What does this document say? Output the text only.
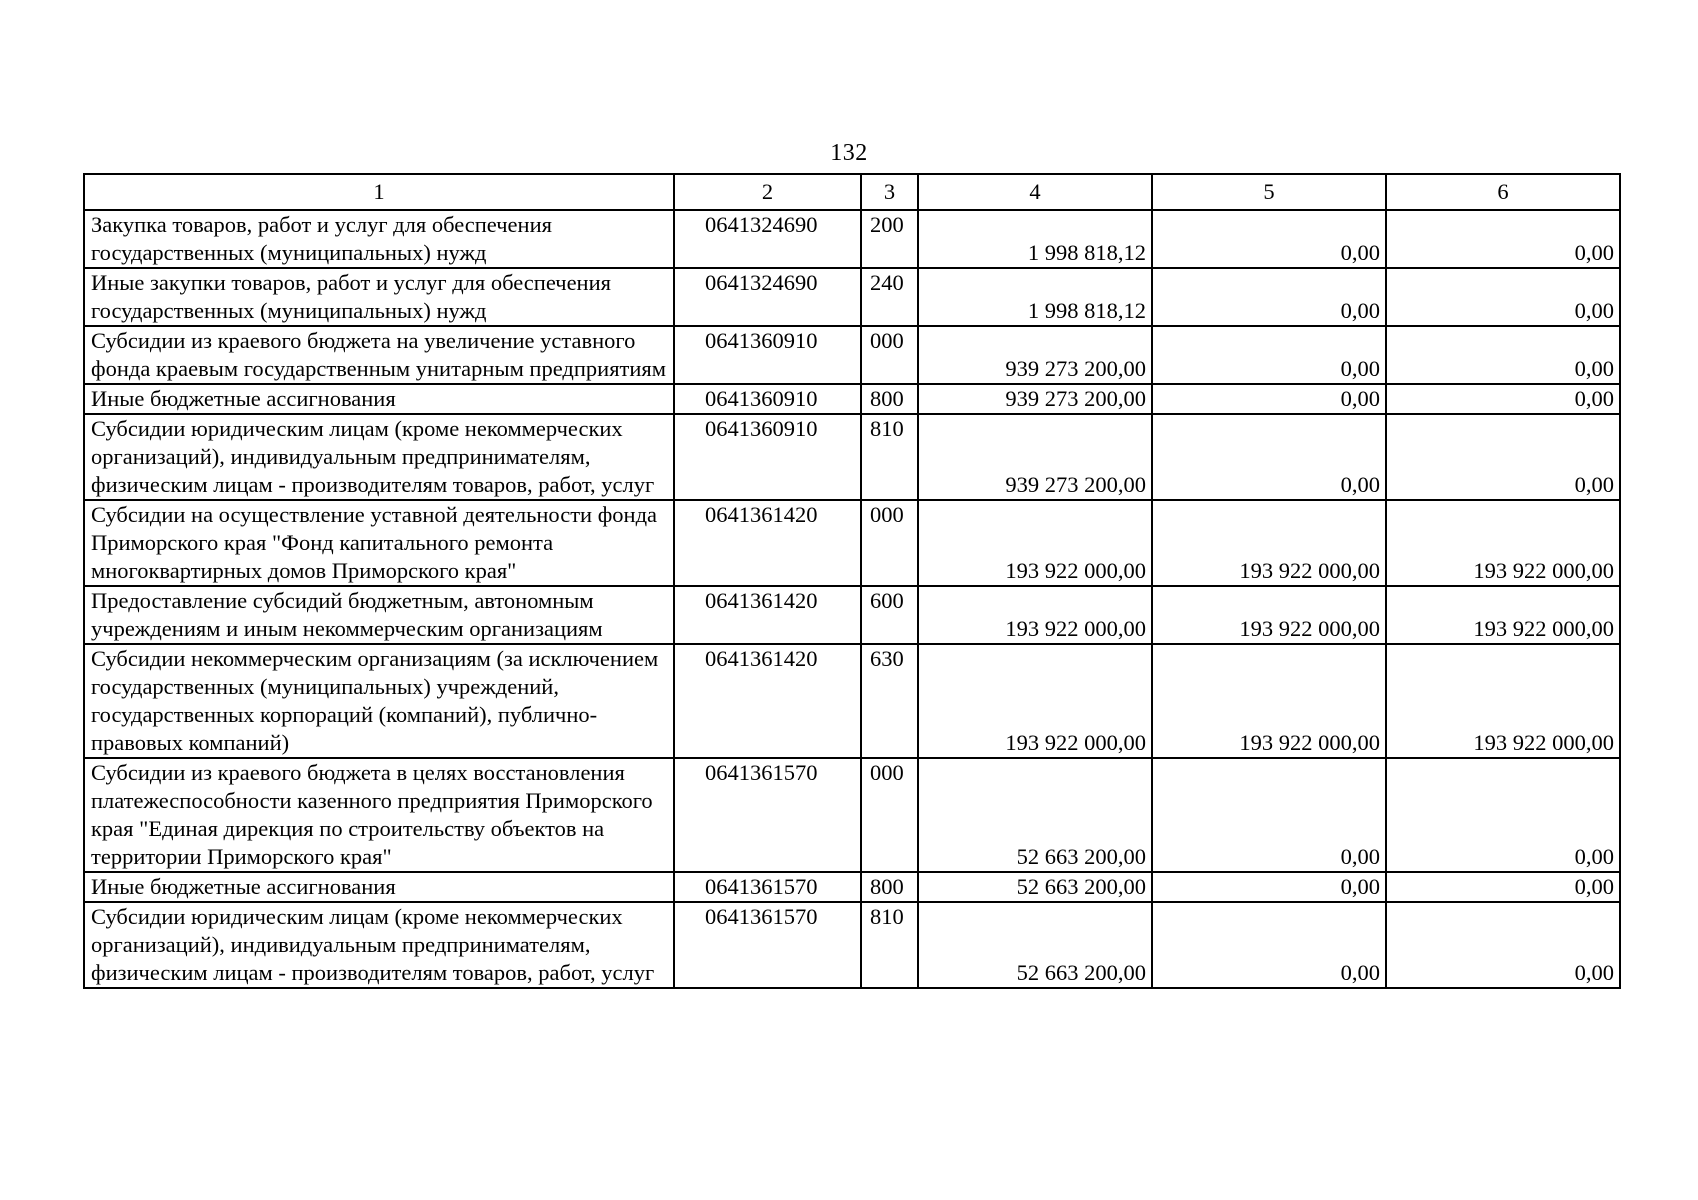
132
1	2	3	4	5	6
Закупка товаров, работ и услуг для обеспечения государственных (муниципальных) нужд	0641324690	200	1 998 818,12	0,00	0,00
Иные закупки товаров, работ и услуг для обеспечения государственных (муниципальных) нужд	0641324690	240	1 998 818,12	0,00	0,00
Субсидии из краевого бюджета на увеличение уставного фонда краевым государственным унитарным предприятиям	0641360910	000	939 273 200,00	0,00	0,00
Иные бюджетные ассигнования	0641360910	800	939 273 200,00	0,00	0,00
Субсидии юридическим лицам (кроме некоммерческих организаций), индивидуальным предпринимателям, физическим лицам - производителям товаров, работ, услуг	0641360910	810	939 273 200,00	0,00	0,00
Субсидии на осуществление уставной деятельности фонда Приморского края "Фонд капитального ремонта многоквартирных домов Приморского края"	0641361420	000	193 922 000,00	193 922 000,00	193 922 000,00
Предоставление субсидий бюджетным, автономным учреждениям и иным некоммерческим организациям	0641361420	600	193 922 000,00	193 922 000,00	193 922 000,00
Субсидии некоммерческим организациям (за исключением государственных (муниципальных) учреждений, государственных корпораций (компаний), публично-правовых компаний)	0641361420	630	193 922 000,00	193 922 000,00	193 922 000,00
Субсидии из краевого бюджета в целях восстановления платежеспособности казенного предприятия Приморского края "Единая дирекция по строительству объектов на территории Приморского края"	0641361570	000	52 663 200,00	0,00	0,00
Иные бюджетные ассигнования	0641361570	800	52 663 200,00	0,00	0,00
Субсидии юридическим лицам (кроме некоммерческих организаций), индивидуальным предпринимателям, физическим лицам - производителям товаров, работ, услуг	0641361570	810	52 663 200,00	0,00	0,00
